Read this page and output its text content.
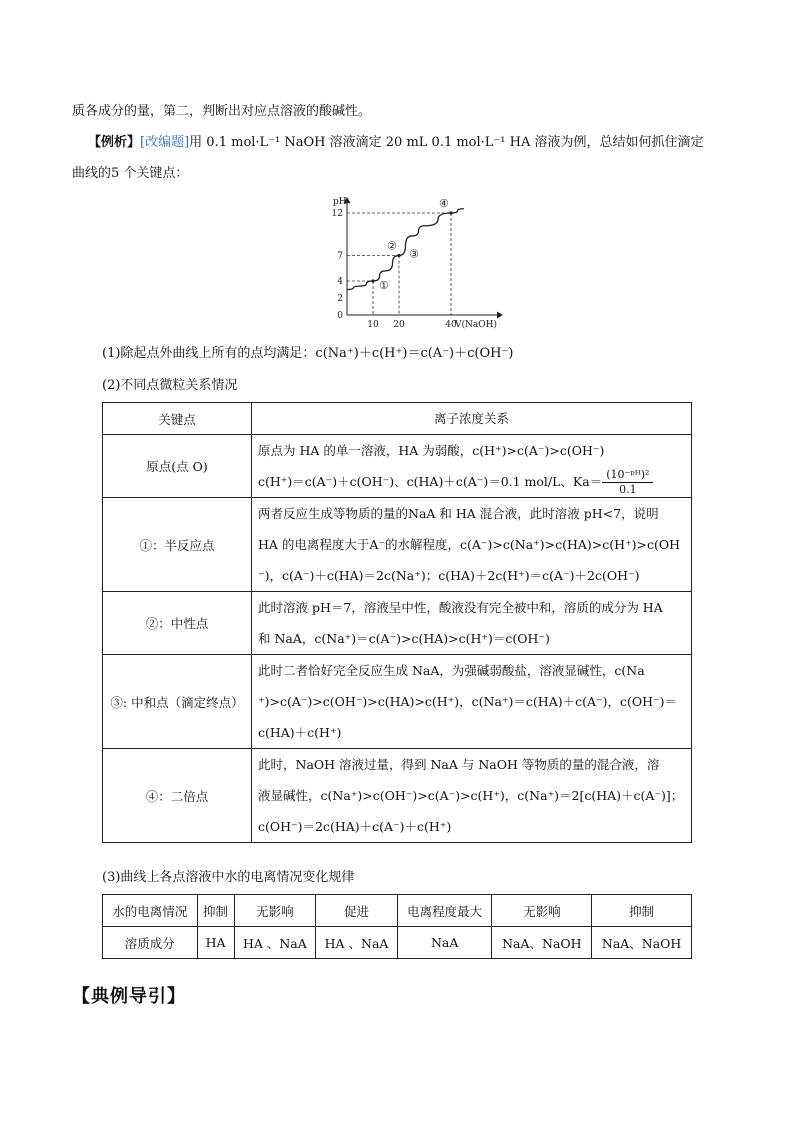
质各成分的量，第二，判断出对应点溶液的酸碱性。
【例析】[改编题]用 0.1 mol·L⁻¹ NaOH 溶液滴定 20 mL 0.1 mol·L⁻¹ HA 溶液为例，总结如何抓住滴定
曲线的5 个关键点：
12
7
4
2
0
10 20	40
pH
V(NaOH)
①
②
③
④
(1)除起点外曲线上所有的点均满足：c(Na⁺)＋c(H⁺)＝c(A⁻)＋c(OH⁻)
(2)不同点微粒关系情况
关键点	离子浓度关系
原点(点 O)	原点为 HA 的单一溶液，HA 为弱酸，c(H⁺)>c(A⁻)>c(OH⁻)
c(H⁺)＝c(A⁻)＋c(OH⁻)、c(HA)＋c(A⁻)＝0.1 mol/L、$Ka= \frac{\text{(10⁻ᵖᴴ)²}}{0.1}$

①：半反应点	两者反应生成等物质的量的NaA 和 HA 混合液，此时溶液 pH<7，说明
HA 的电离程度大于A⁻的水解程度，c(A⁻)>c(Na⁺)>c(HA)>c(H⁺)>c(OH
⁻)，c(A⁻)＋c(HA)＝2c(Na⁺)；c(HA)＋2c(H⁺)＝c(A⁻)＋2c(OH⁻)

②：中性点	此时溶液 pH＝7，溶液呈中性，酸液没有完全被中和，溶质的成分为 HA
和 NaA，c(Na⁺)＝c(A⁻)>c(HA)>c(H⁺)＝c(OH⁻)

③: 中和点（滴定终点）	此时二者恰好完全反应生成 NaA，为强碱弱酸盐，溶液显碱性，c(Na
⁺)>c(A⁻)>c(OH⁻)>c(HA)>c(H⁺)，c(Na⁺)＝c(HA)＋c(A⁻)，c(OH⁻)＝
c(HA)＋c(H⁺)

④：二倍点	此时，NaOH 溶液过量，得到 NaA 与 NaOH 等物质的量的混合液，溶
液显碱性，c(Na⁺)>c(OH⁻)>c(A⁻)>c(H⁺)，c(Na⁺)＝2[c(HA)＋c(A⁻)]；
c(OH⁻)＝2c(HA)＋c(A⁻)＋c(H⁺)
(3)曲线上各点溶液中水的电离情况变化规律
水的电离情况	抑制	无影响	促进	电离程度最大	无影响	抑制
溶质成分	HA	HA 、NaA	HA 、NaA	NaA	NaA、NaOH	NaA、NaOH
【典例导引】
